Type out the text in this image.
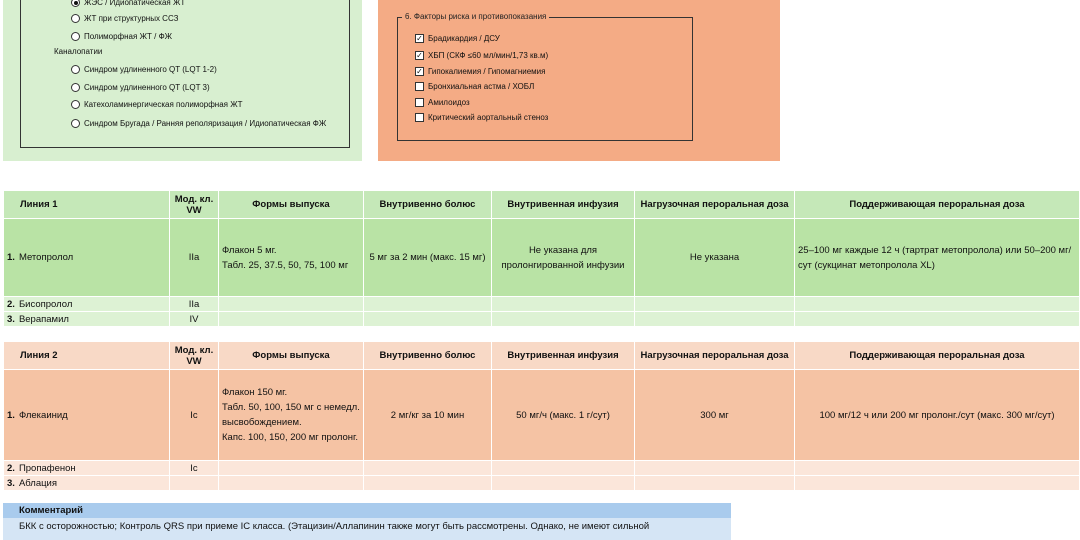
ЖЭС / Идиопатическая ЖТ
ЖТ при структурных ССЗ
Полиморфная ЖТ / ФЖ
Каналопатии
Синдром удлиненного QT (LQT 1-2)
Синдром удлиненного QT (LQT 3)
Катехоламинергическая полиморфная ЖТ
Синдром Бругада / Ранняя реполяризация / Идиопатическая ФЖ
6. Факторы риска и противопоказания
✓ Брадикардия / ДСУ
✓ ХБП (СКФ ≤60 мл/мин/1,73 кв.м)
✓ Гипокалиемия / Гипомагниемия
Бронхиальная астма / ХОБЛ
Амилоидоз
Критический аортальный стеноз
Линия 1	Мод. кл. VW	Формы выпуска	Внутривенно болюс	Внутривенная инфузия	Нагрузочная пероральная доза	Поддерживающая пероральная доза
1. Метопролол	IIa	Флакон 5 мг.
Табл. 25, 37.5, 50, 75, 100 мг	5 мг за 2 мин (макс. 15 мг)	Не указана для пролонгированной инфузии	Не указана	25–100 мг каждые 12 ч (тартрат метопролола) или 50–200 мг/сут (сукцинат метопролола XL)
2. Бисопролол	IIa					
3. Верапамил	IV					
Линия 2	Мод. кл. VW	Формы выпуска	Внутривенно болюс	Внутривенная инфузия	Нагрузочная пероральная доза	Поддерживающая пероральная доза
1. Флекаинид	Ic	Флакон 150 мг.
Табл. 50, 100, 150 мг с немедл. высвобождением.
Капс. 100, 150, 200 мг пролонг.	2 мг/кг за 10 мин	50 мг/ч (макс. 1 г/сут)	300 мг	100 мг/12 ч или 200 мг пролонг./сут (макс. 300 мг/сут)
2. Пропафенон	Ic					
3. Аблация						
Комментарий
БКК с осторожностью; Контроль QRS при приеме IC класса. (Этацизин/Аллапинин также могут быть рассмотрены. Однако, не имеют сильной
